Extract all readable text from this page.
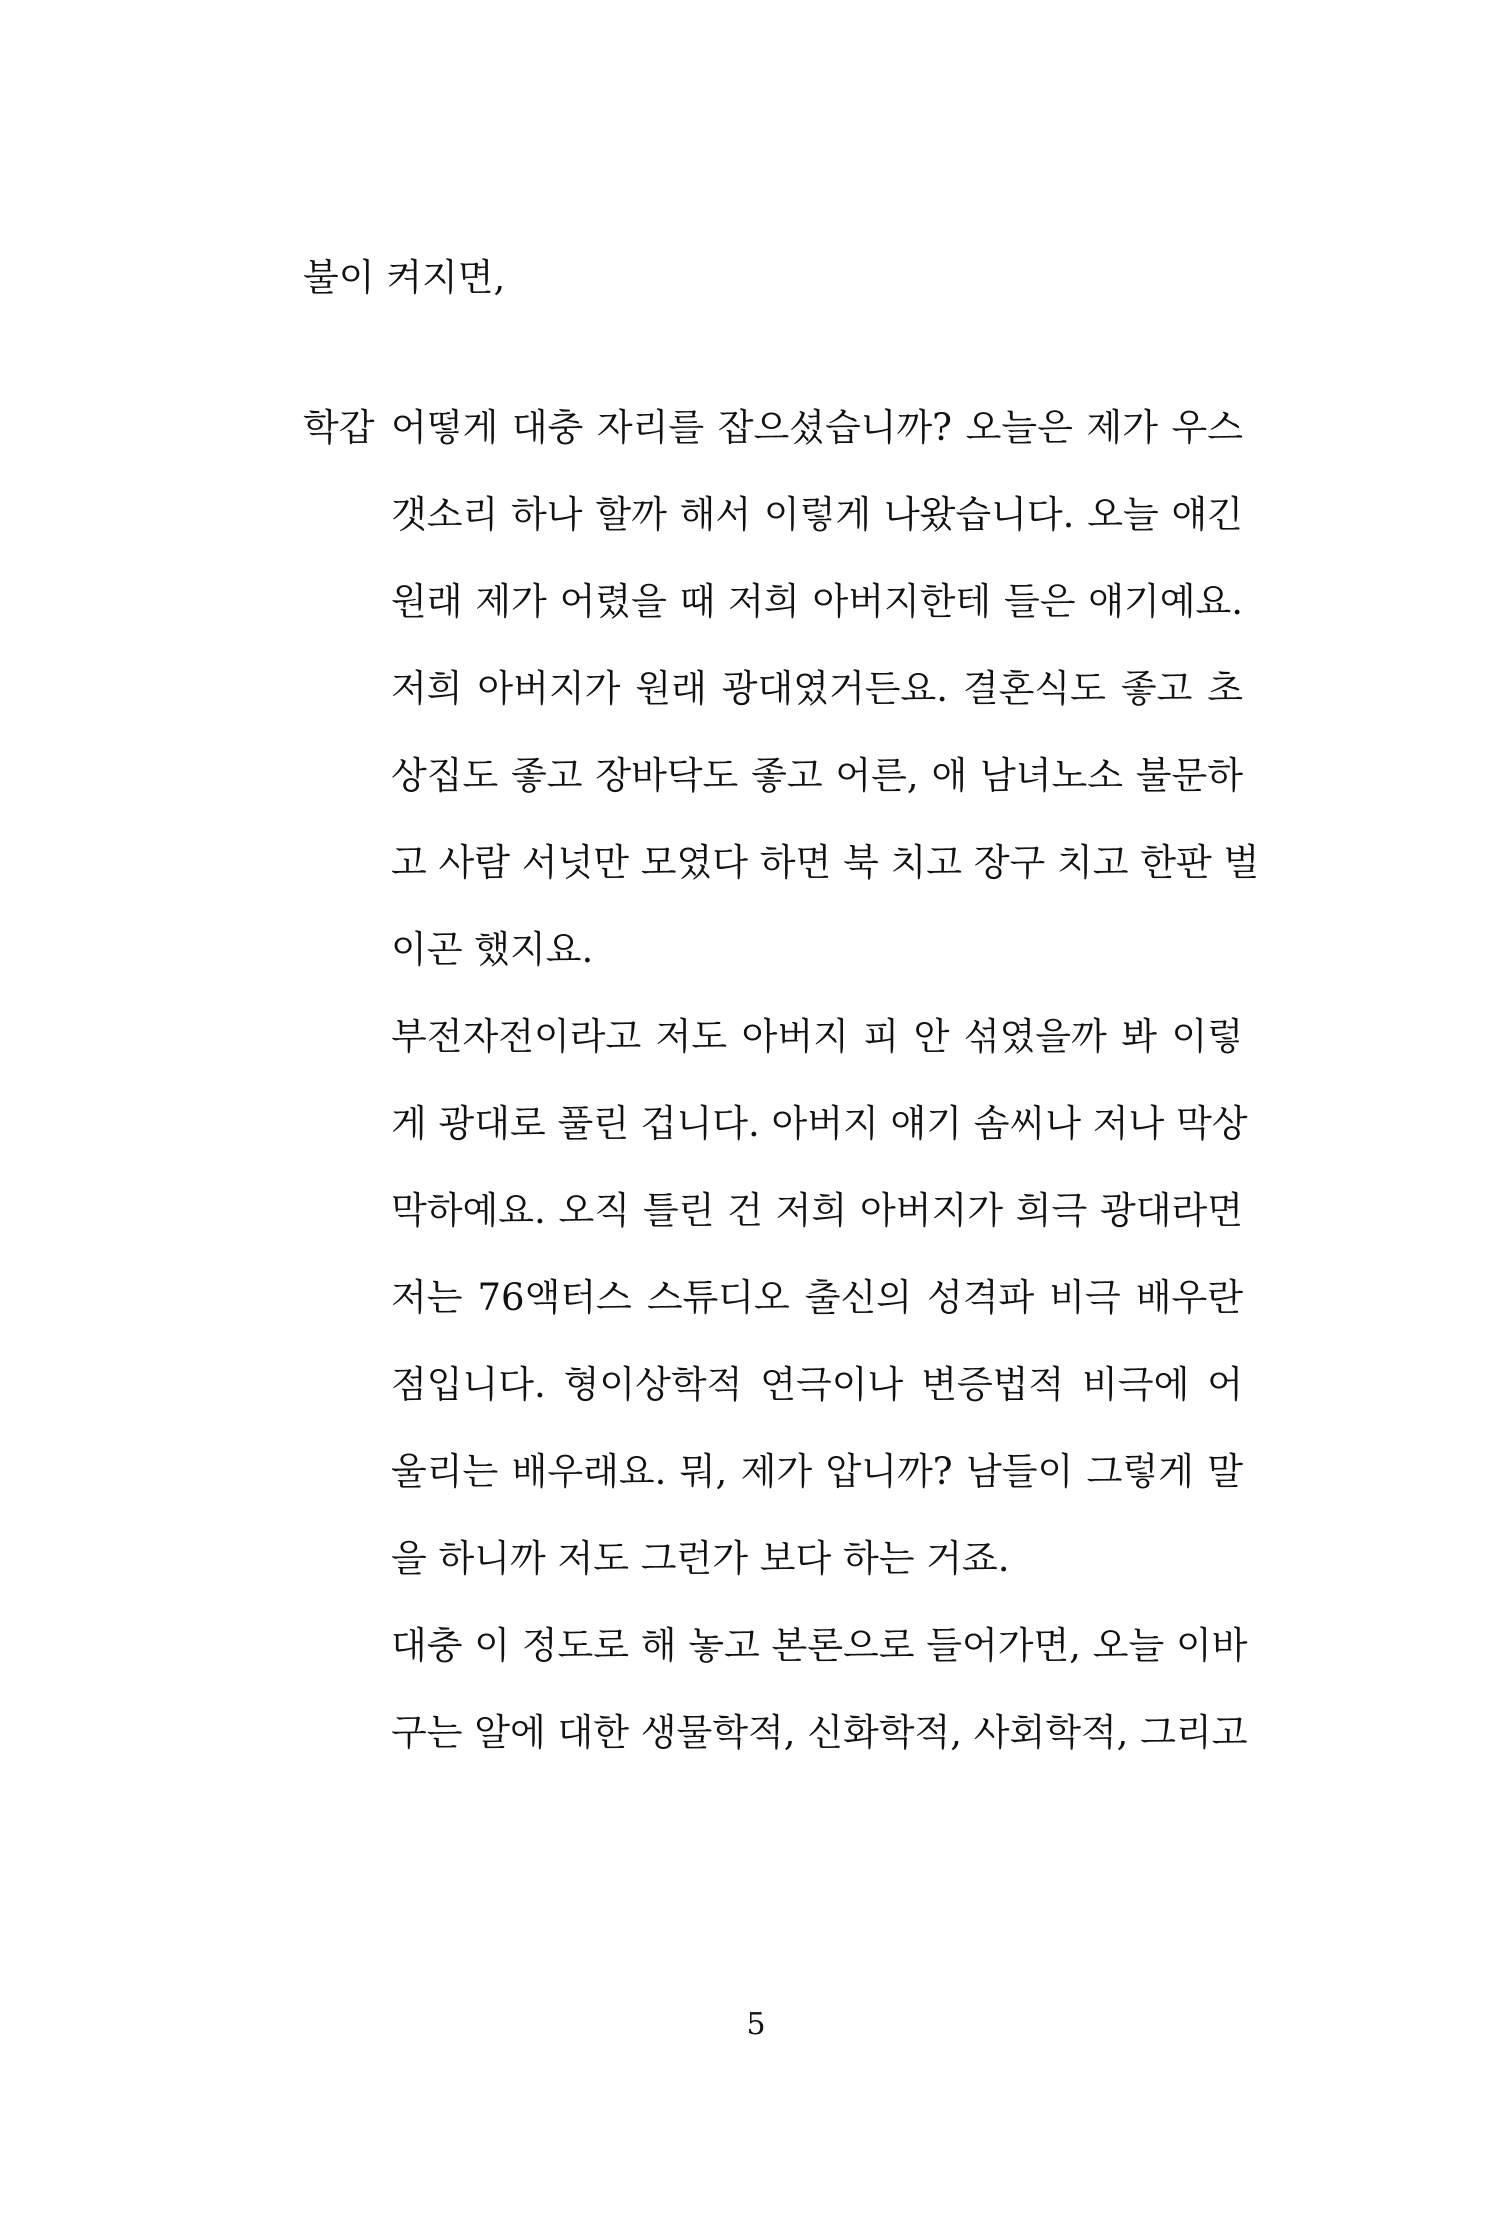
불이 켜지면,
학갑 어떻게 대충 자리를 잡으셨습니까? 오늘은 제가 우스
갯소리 하나 할까 해서 이렇게 나왔습니다. 오늘 얘긴
원래 제가 어렸을 때 저희 아버지한테 들은 얘기예요.
저희 아버지가 원래 광대였거든요. 결혼식도 좋고 초
상집도 좋고 장바닥도 좋고 어른, 애 남녀노소 불문하
고 사람 서넛만 모였다 하면 북 치고 장구 치고 한판 벌
이곤 했지요.
부전자전이라고 저도 아버지 피 안 섞였을까 봐 이렇
게 광대로 풀린 겁니다. 아버지 얘기 솜씨나 저나 막상
막하예요. 오직 틀린 건 저희 아버지가 희극 광대라면
저는 76액터스 스튜디오 출신의 성격파 비극 배우란
점입니다. 형이상학적 연극이나 변증법적 비극에 어
울리는 배우래요. 뭐, 제가 압니까? 남들이 그렇게 말
을 하니까 저도 그런가 보다 하는 거죠.
대충 이 정도로 해 놓고 본론으로 들어가면, 오늘 이바
구는 알에 대한 생물학적, 신화학적, 사회학적, 그리고
5
